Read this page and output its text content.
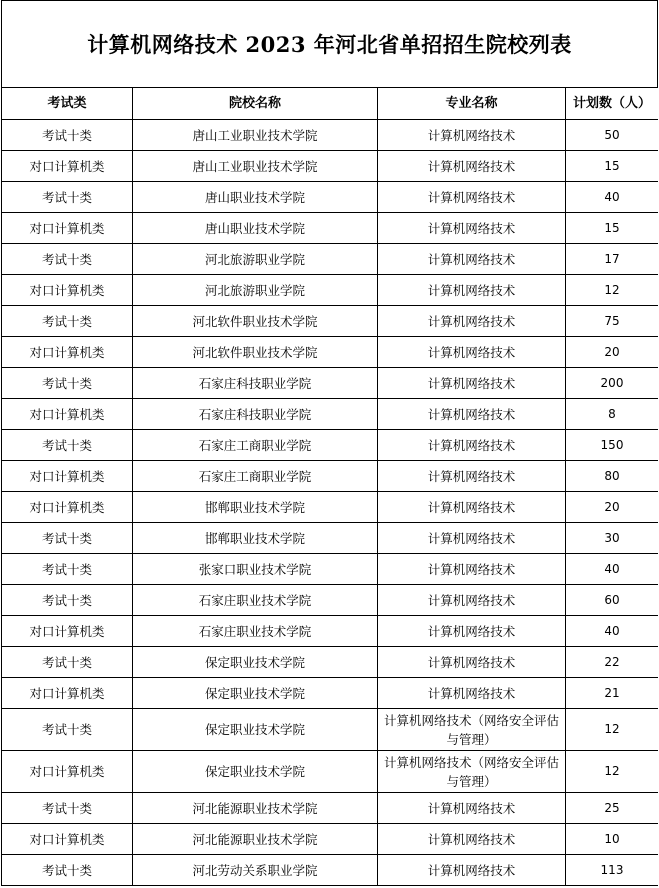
计算机网络技术 2023 年河北省单招招生院校列表
考试类	院校名称	专业名称	计划数（人）
考试十类	唐山工业职业技术学院	计算机网络技术	50
对口计算机类	唐山工业职业技术学院	计算机网络技术	15
考试十类	唐山职业技术学院	计算机网络技术	40
对口计算机类	唐山职业技术学院	计算机网络技术	15
考试十类	河北旅游职业学院	计算机网络技术	17
对口计算机类	河北旅游职业学院	计算机网络技术	12
考试十类	河北软件职业技术学院	计算机网络技术	75
对口计算机类	河北软件职业技术学院	计算机网络技术	20
考试十类	石家庄科技职业学院	计算机网络技术	200
对口计算机类	石家庄科技职业学院	计算机网络技术	8
考试十类	石家庄工商职业学院	计算机网络技术	150
对口计算机类	石家庄工商职业学院	计算机网络技术	80
对口计算机类	邯郸职业技术学院	计算机网络技术	20
考试十类	邯郸职业技术学院	计算机网络技术	30
考试十类	张家口职业技术学院	计算机网络技术	40
考试十类	石家庄职业技术学院	计算机网络技术	60
对口计算机类	石家庄职业技术学院	计算机网络技术	40
考试十类	保定职业技术学院	计算机网络技术	22
对口计算机类	保定职业技术学院	计算机网络技术	21
考试十类	保定职业技术学院	计算机网络技术（网络安全评估与管理）	12
对口计算机类	保定职业技术学院	计算机网络技术（网络安全评估与管理）	12
考试十类	河北能源职业技术学院	计算机网络技术	25
对口计算机类	河北能源职业技术学院	计算机网络技术	10
考试十类	河北劳动关系职业学院	计算机网络技术	113
